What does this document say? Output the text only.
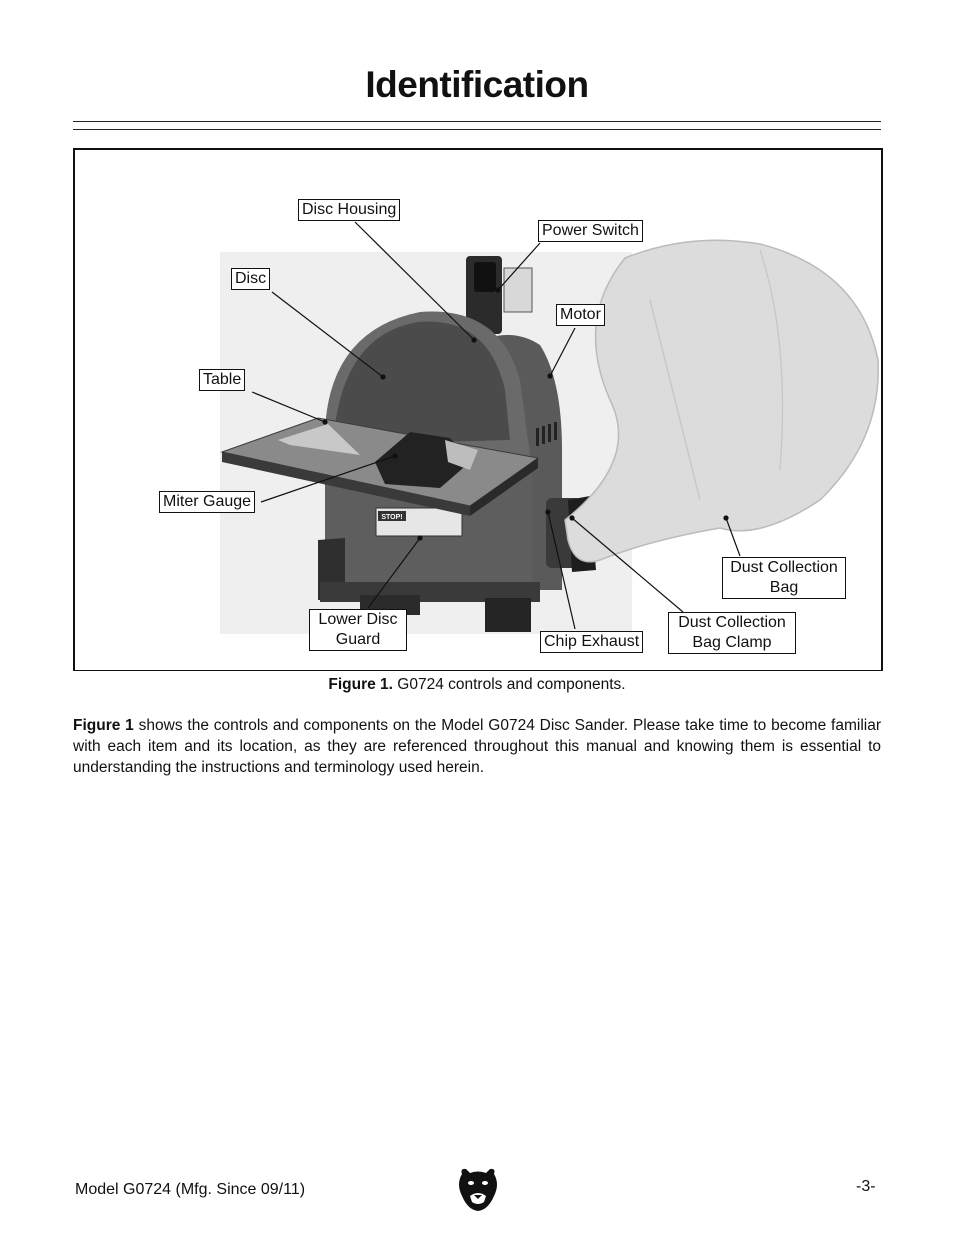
Identification
STOP!
Disc Housing
Power Switch
Disc
Motor
Table
Miter Gauge
Dust Collection
Bag
Dust Collection
Bag Clamp
Lower Disc
Guard	Chip Exhaust
Figure 1. G0724 controls and components.
Figure 1 shows the controls and components on the Model G0724 Disc Sander. Please take time to become familiar with each item and its location, as they are referenced throughout this manual and knowing them is essential to understanding the instructions and terminology used herein.
Model G0724 (Mfg. Since 09/11)	-3-
